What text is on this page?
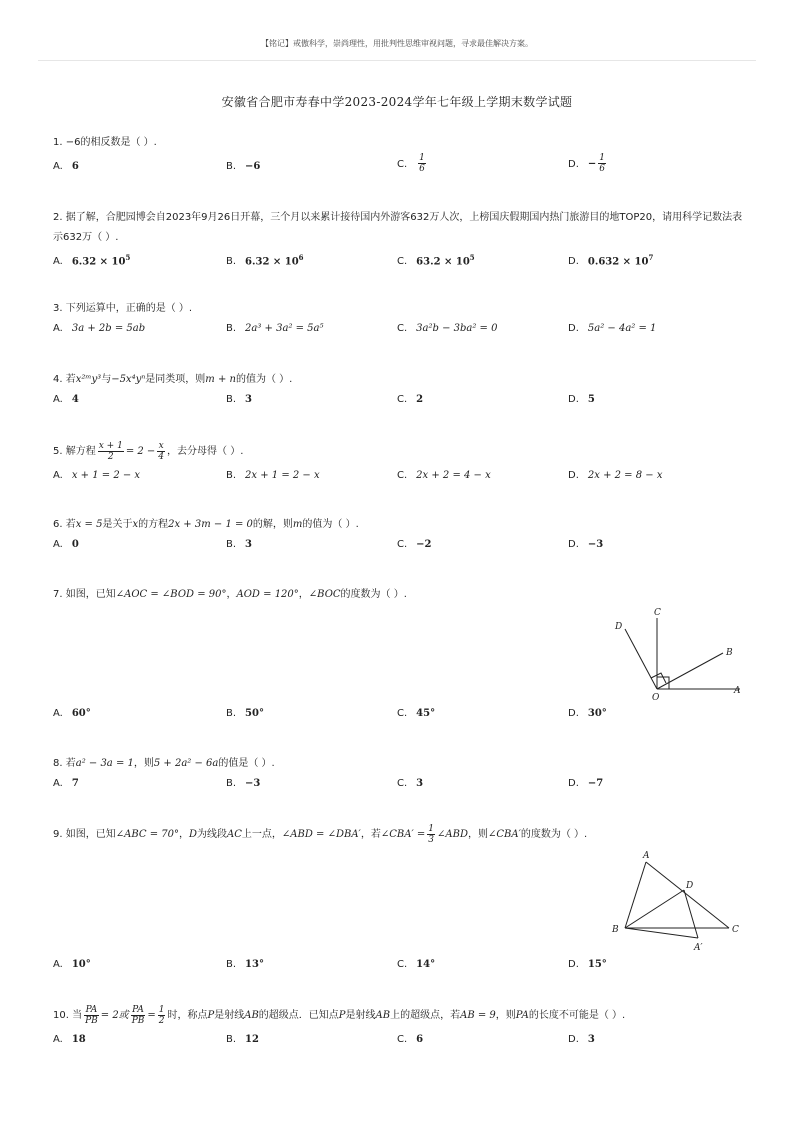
【铭记】戒傲科学，崇尚理性，用批判性思维审视问题，寻求最佳解决方案。
安徽省合肥市寿春中学2023-2024学年七年级上学期末数学试题
1. −6的相反数是（ ）.
A. 6	B. −6	C. $\frac{1}{6}$	D. − $\frac{1}{6}$
2. 据了解，合肥园博会自2023年9月26日开幕，三个月以来累计接待国内外游客632万人次，上榜国庆假期国内热门旅游目的地TOP20，请用科学记数法表示632万（ ）.
A. $6.32 \times 10^5$	B. $6.32 \times 10^6$	C. $63.2 \times 10^5$	D. $0.632 \times 10^7$
3. 下列运算中，正确的是（ ）.
A. 3a + 2b = 5ab	B. 2a³ + 3a² = 5a⁵	C. 3a²b − 3ba² = 0	D. 5a² − 4a² = 1
4. 若x²ᵐy³与−5x⁴yⁿ是同类项，则m + n的值为（ ）.
A. 4	B. 3	C. 2	D. 5
5. 解方程 $\frac{x + 1}{2} = 2 - \frac{x}{4}$ ，去分母得（ ）.
A. x + 1 = 2 − x	B. 2x + 1 = 2 − x	C. 2x + 2 = 4 − x	D. 2x + 2 = 8 − x
6. 若x = 5是关于x的方程2x + 3m − 1 = 0的解，则m的值为（ ）.
A. 0	B. 3	C. −2	D. −3
7. 如图，已知∠AOC = ∠BOD = 90°，AOD = 120°，∠BOC的度数为（ ）.
C
D
B
O
A
A. 60°	B. 50°	C. 45°	D. 30°
8. 若a² − 3a = 1，则5 + 2a² − 6a的值是（ ）.
A. 7	B. −3	C. 3	D. −7
9. 如图，已知∠ABC = 70°，D为线段AC上一点，∠ABD = ∠DBA′，若∠CBA′ = $\frac{1}{3}$ ∠ABD，则∠CBA′的度数为（ ）.
A
D
B	C
A′
A. 10°	B. 13°	C. 14°	D. 15°
10. 当 $\frac{PA}{PB} = 2$或 $\frac{PA}{PB} = \frac{1}{2}$ 时，称点P是射线AB的超级点．已知点P是射线AB上的超级点，若AB = 9，则PA的长度不可能是（ ）.
A. 18	B. 12	C. 6	D. 3
